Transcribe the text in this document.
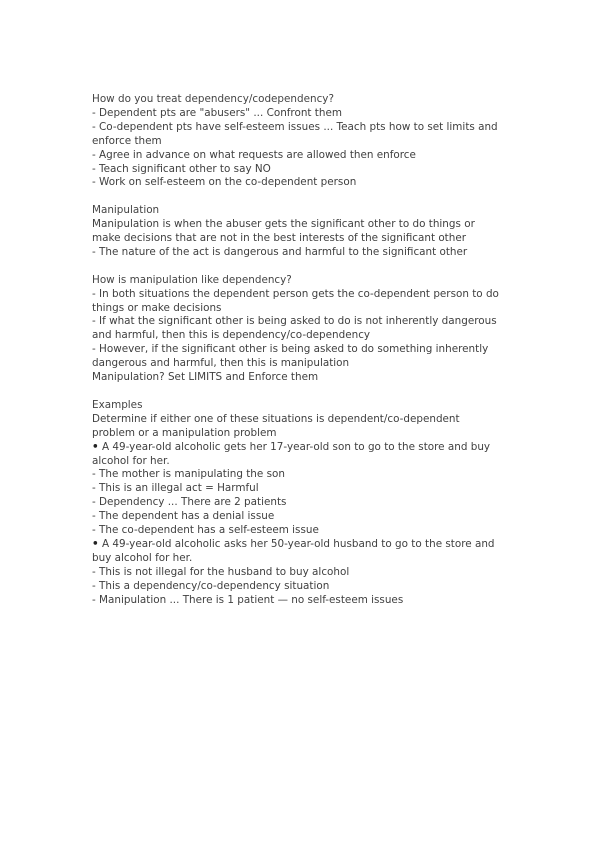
How do you treat dependency/codependency?
- Dependent pts are "abusers" ... Confront them
- Co-dependent pts have self-esteem issues ... Teach pts how to set limits and enforce them
- Agree in advance on what requests are allowed then enforce
- Teach significant other to say NO
- Work on self-esteem on the co-dependent person
Manipulation
Manipulation is when the abuser gets the significant other to do things or make decisions that are not in the best interests of the significant other
- The nature of the act is dangerous and harmful to the significant other
How is manipulation like dependency?
- In both situations the dependent person gets the co-dependent person to do things or make decisions
- If what the significant other is being asked to do is not inherently dangerous and harmful, then this is dependency/co-dependency
- However, if the significant other is being asked to do something inherently dangerous and harmful, then this is manipulation
Manipulation? Set LIMITS and Enforce them
Examples
Determine if either one of these situations is dependent/co-dependent problem or a manipulation problem
• A 49-year-old alcoholic gets her 17-year-old son to go to the store and buy alcohol for her.
- The mother is manipulating the son
- This is an illegal act = Harmful
- Dependency ... There are 2 patients
- The dependent has a denial issue
- The co-dependent has a self-esteem issue
• A 49-year-old alcoholic asks her 50-year-old husband to go to the store and buy alcohol for her.
- This is not illegal for the husband to buy alcohol
- This a dependency/co-dependency situation
- Manipulation ... There is 1 patient — no self-esteem issues
